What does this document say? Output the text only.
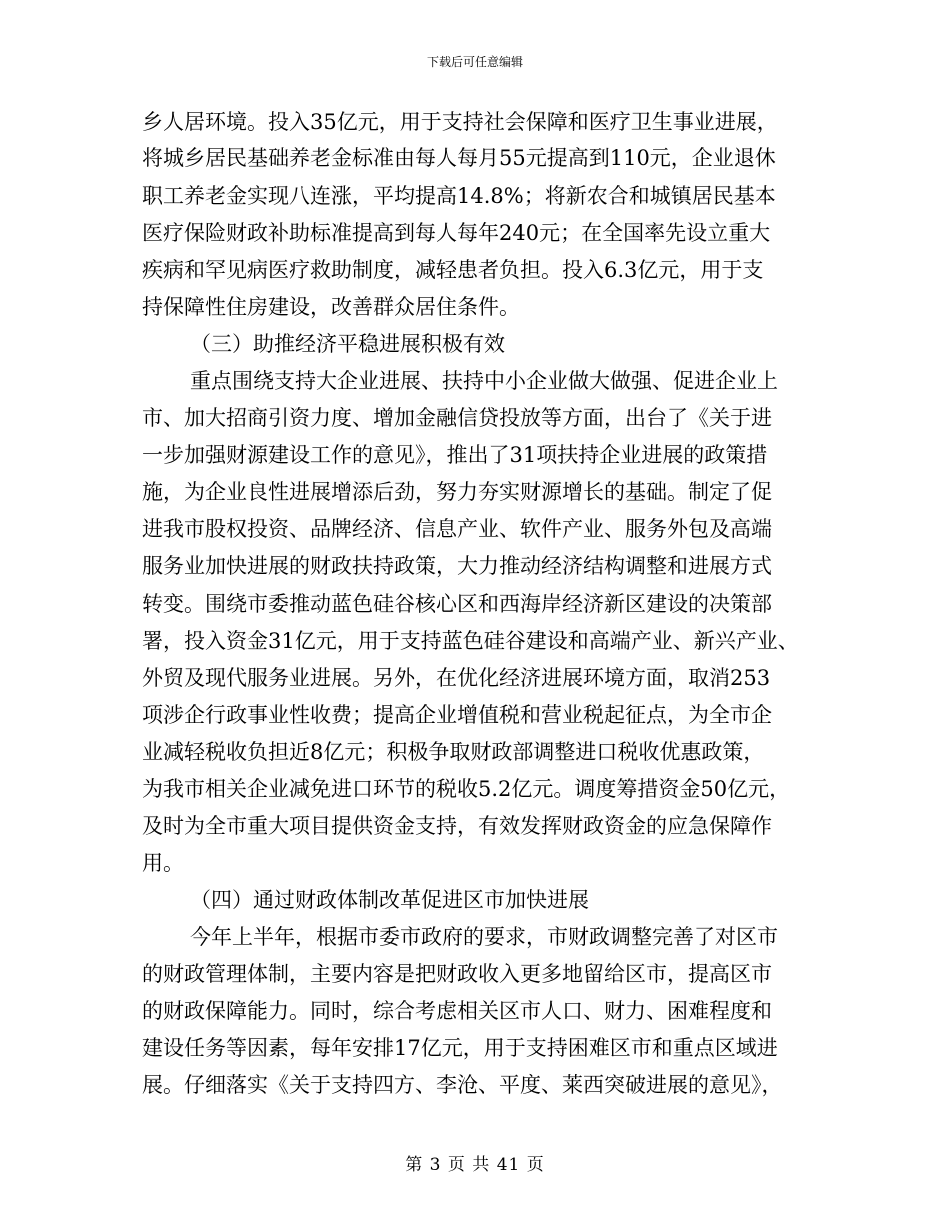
下载后可任意编辑
乡人居环境。投入35亿元，用于支持社会保障和医疗卫生事业进展，
将城乡居民基础养老金标准由每人每月55元提高到110元，企业退休
职工养老金实现八连涨，平均提高14.8%；将新农合和城镇居民基本
医疗保险财政补助标准提高到每人每年240元；在全国率先设立重大
疾病和罕见病医疗救助制度，减轻患者负担。投入6.3亿元，用于支
持保障性住房建设，改善群众居住条件。
（三）助推经济平稳进展积极有效
重点围绕支持大企业进展、扶持中小企业做大做强、促进企业上
市、加大招商引资力度、增加金融信贷投放等方面，出台了《关于进
一步加强财源建设工作的意见》，推出了31项扶持企业进展的政策措
施，为企业良性进展增添后劲，努力夯实财源增长的基础。制定了促
进我市股权投资、品牌经济、信息产业、软件产业、服务外包及高端
服务业加快进展的财政扶持政策，大力推动经济结构调整和进展方式
转变。围绕市委推动蓝色硅谷核心区和西海岸经济新区建设的决策部
署，投入资金31亿元，用于支持蓝色硅谷建设和高端产业、新兴产业、
外贸及现代服务业进展。另外，在优化经济进展环境方面，取消253
项涉企行政事业性收费；提高企业增值税和营业税起征点，为全市企
业减轻税收负担近8亿元；积极争取财政部调整进口税收优惠政策，
为我市相关企业减免进口环节的税收5.2亿元。调度筹措资金50亿元，
及时为全市重大项目提供资金支持，有效发挥财政资金的应急保障作
用。
（四）通过财政体制改革促进区市加快进展
今年上半年，根据市委市政府的要求，市财政调整完善了对区市
的财政管理体制，主要内容是把财政收入更多地留给区市，提高区市
的财政保障能力。同时，综合考虑相关区市人口、财力、困难程度和
建设任务等因素，每年安排17亿元，用于支持困难区市和重点区域进
展。仔细落实《关于支持四方、李沧、平度、莱西突破进展的意见》，
第 3 页 共 41 页
